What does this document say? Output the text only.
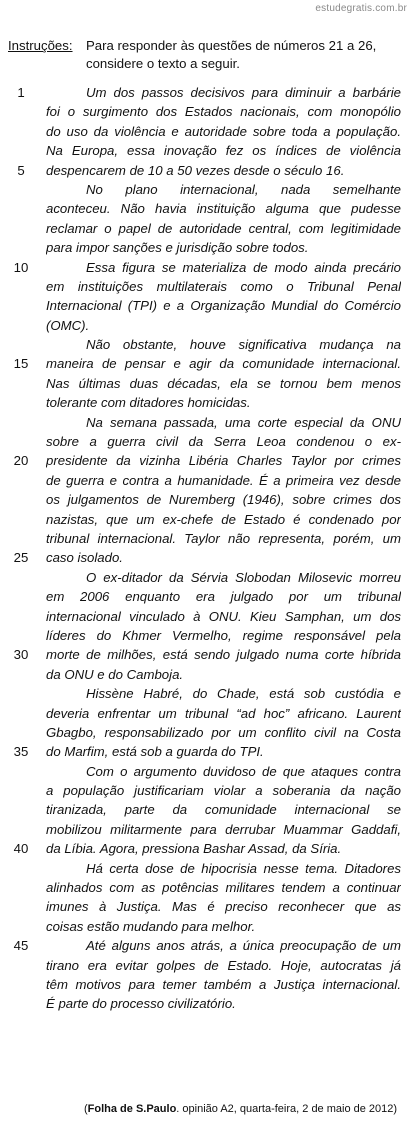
estudegratis.com.br
Instruções: Para responder às questões de números 21 a 26, considere o texto a seguir.
1	Um dos passos decisivos para diminuir a barbárie
foi o surgimento dos Estados nacionais, com monopólio
do uso da violência e autoridade sobre toda a população.
Na Europa, essa inovação fez os índices de violência
5	despencarem de 10 a 50 vezes desde o século 16.
No plano internacional, nada semelhante
aconteceu. Não havia instituição alguma que pudesse
reclamar o papel de autoridade central, com legitimidade
para impor sanções e jurisdição sobre todos.
10	Essa figura se materializa de modo ainda precário
em instituições multilaterais como o Tribunal Penal
Internacional (TPI) e a Organização Mundial do Comércio
(OMC).
Não obstante, houve significativa mudança na
15	maneira de pensar e agir da comunidade internacional.
Nas últimas duas décadas, ela se tornou bem menos
tolerante com ditadores homicidas.
Na semana passada, uma corte especial da ONU
sobre a guerra civil da Serra Leoa condenou o ex-
20	presidente da vizinha Libéria Charles Taylor por crimes
de guerra e contra a humanidade. É a primeira vez desde
os julgamentos de Nuremberg (1946), sobre crimes dos
nazistas, que um ex-chefe de Estado é condenado por
tribunal internacional. Taylor não representa, porém, um
25	caso isolado.
O ex-ditador da Sérvia Slobodan Milosevic morreu
em 2006 enquanto era julgado por um tribunal
internacional vinculado à ONU. Kieu Samphan, um dos
líderes do Khmer Vermelho, regime responsável pela
30	morte de milhões, está sendo julgado numa corte híbrida
da ONU e do Camboja.
Hissène Habré, do Chade, está sob custódia e
deveria enfrentar um tribunal “ad hoc” africano. Laurent
Gbagbo, responsabilizado por um conflito civil na Costa
35	do Marfim, está sob a guarda do TPI.
Com o argumento duvidoso de que ataques contra
a população justificariam violar a soberania da nação
tiranizada, parte da comunidade internacional se
mobilizou militarmente para derrubar Muammar Gaddafi,
40	da Líbia. Agora, pressiona Bashar Assad, da Síria.
Há certa dose de hipocrisia nesse tema. Ditadores
alinhados com as potências militares tendem a continuar
imunes à Justiça. Mas é preciso reconhecer que as
coisas estão mudando para melhor.
45	Até alguns anos atrás, a única preocupação de um
tirano era evitar golpes de Estado. Hoje, autocratas já
têm motivos para temer também a Justiça internacional.
É parte do processo civilizatório.
(Folha de S.Paulo. opinião A2, quarta-feira, 2 de maio de 2012)
